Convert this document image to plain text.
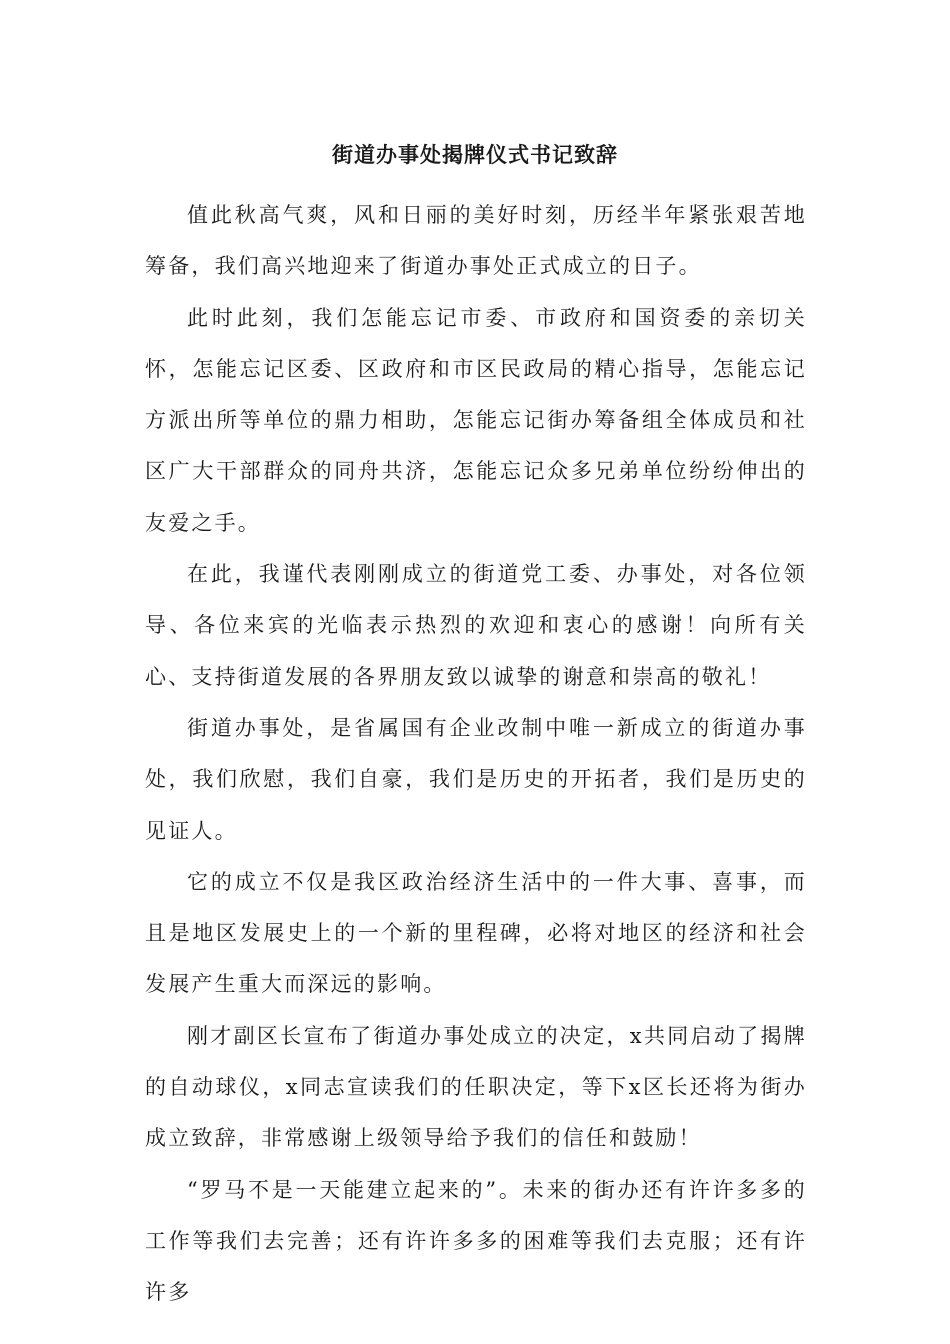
街道办事处揭牌仪式书记致辞

值此秋高气爽，风和日丽的美好时刻，历经半年紧张艰苦地筹备，我们高兴地迎来了街道办事处正式成立的日子。

此时此刻，我们怎能忘记市委、市政府和国资委的亲切关怀，怎能忘记区委、区政府和市区民政局的精心指导，怎能忘记方派出所等单位的鼎力相助，怎能忘记街办筹备组全体成员和社区广大干部群众的同舟共济，怎能忘记众多兄弟单位纷纷伸出的友爱之手。

在此，我谨代表刚刚成立的街道党工委、办事处，对各位领导、各位来宾的光临表示热烈的欢迎和衷心的感谢！向所有关心、支持街道发展的各界朋友致以诚挚的谢意和崇高的敬礼！

街道办事处，是省属国有企业改制中唯一新成立的街道办事处，我们欣慰，我们自豪，我们是历史的开拓者，我们是历史的见证人。

它的成立不仅是我区政治经济生活中的一件大事、喜事，而且是地区发展史上的一个新的里程碑，必将对地区的经济和社会发展产生重大而深远的影响。

刚才副区长宣布了街道办事处成立的决定，x共同启动了揭牌的自动球仪，x同志宣读我们的任职决定，等下x区长还将为街办成立致辞，非常感谢上级领导给予我们的信任和鼓励！

“罗马不是一天能建立起来的”。未来的街办还有许许多多的工作等我们去完善；还有许许多多的困难等我们去克服；还有许许多
